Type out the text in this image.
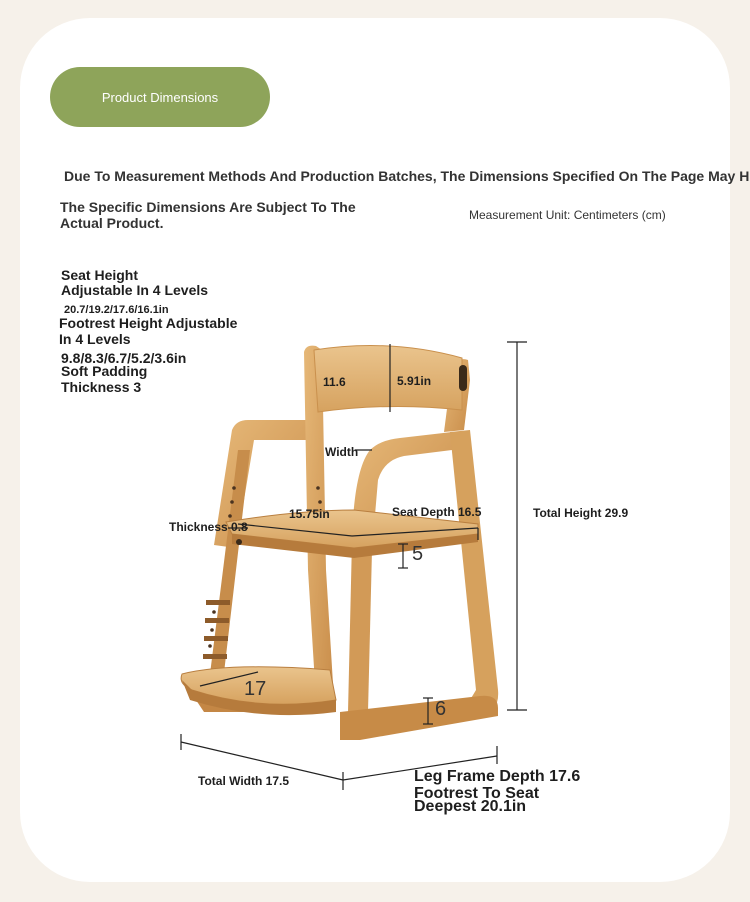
Product Dimensions
Due To Measurement Methods And Production Batches, The Dimensions Specified On The Page May H
The Specific Dimensions Are Subject To The Actual Product.	Measurement Unit: Centimeters (cm)
Seat Height
Adjustable In 4 Levels
20.7/19.2/17.6/16.1in
Footrest Height Adjustable
In 4 Levels
9.8/8.3/6.7/5.2/3.6in
Soft Padding
Thickness 3	11.6	5.91in
Width
15.75in	Seat Depth 16.5
Thickness 0.8
Total Height 29.9
5
17
6
Total Width 17.5	Leg Frame Depth 17.6
Footrest To Seat
Deepest 20.1in
